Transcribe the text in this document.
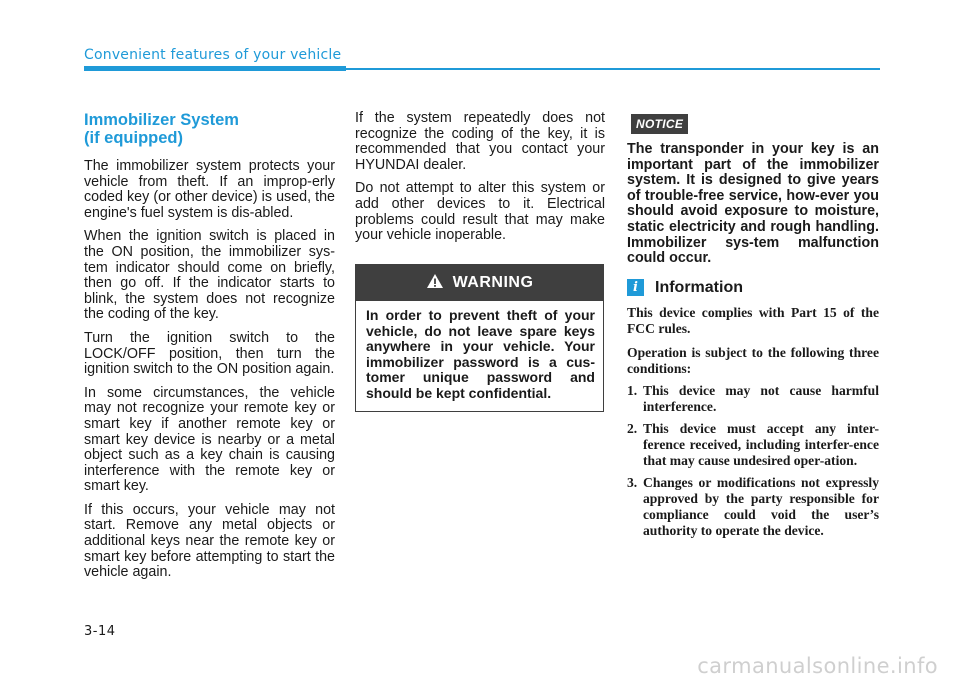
Convenient features of your vehicle
Immobilizer System
(if equipped)

The immobilizer system protects your vehicle from theft. If an improp-erly coded key (or other device) is used, the engine's fuel system is dis-abled.

When the ignition switch is placed in the ON position, the immobilizer sys-tem indicator should come on briefly, then go off. If the indicator starts to blink, the system does not recognize the coding of the key.

Turn the ignition switch to the LOCK/OFF position, then turn the ignition switch to the ON position again.

In some circumstances, the vehicle may not recognize your remote key or smart key if another remote key or smart key device is nearby or a metal object such as a key chain is causing interference with the remote key or smart key.

If this occurs, your vehicle may not start. Remove any metal objects or additional keys near the remote key or smart key before attempting to start the vehicle again.

If the system repeatedly does not recognize the coding of the key, it is recommended that you contact your HYUNDAI dealer.

Do not attempt to alter this system or add other devices to it. Electrical problems could result that may make your vehicle inoperable.

WARNING
In order to prevent theft of your vehicle, do not leave spare keys anywhere in your vehicle. Your immobilizer password is a cus-tomer unique password and should be kept confidential.
NOTICE
The transponder in your key is an important part of the immobilizer system. It is designed to give years of trouble-free service, how-ever you should avoid exposure to moisture, static electricity and rough handling. Immobilizer sys-tem malfunction could occur.
i	Information

This device complies with Part 15 of the FCC rules.

Operation is subject to the following three conditions:

1. This device may not cause harmful interference.
2. This device must accept any inter-ference received, including interfer-ence that may cause undesired oper-ation.
3. Changes or modifications not expressly approved by the party responsible for compliance could void the user’s authority to operate the device.
3-14
carmanualsonline.info
